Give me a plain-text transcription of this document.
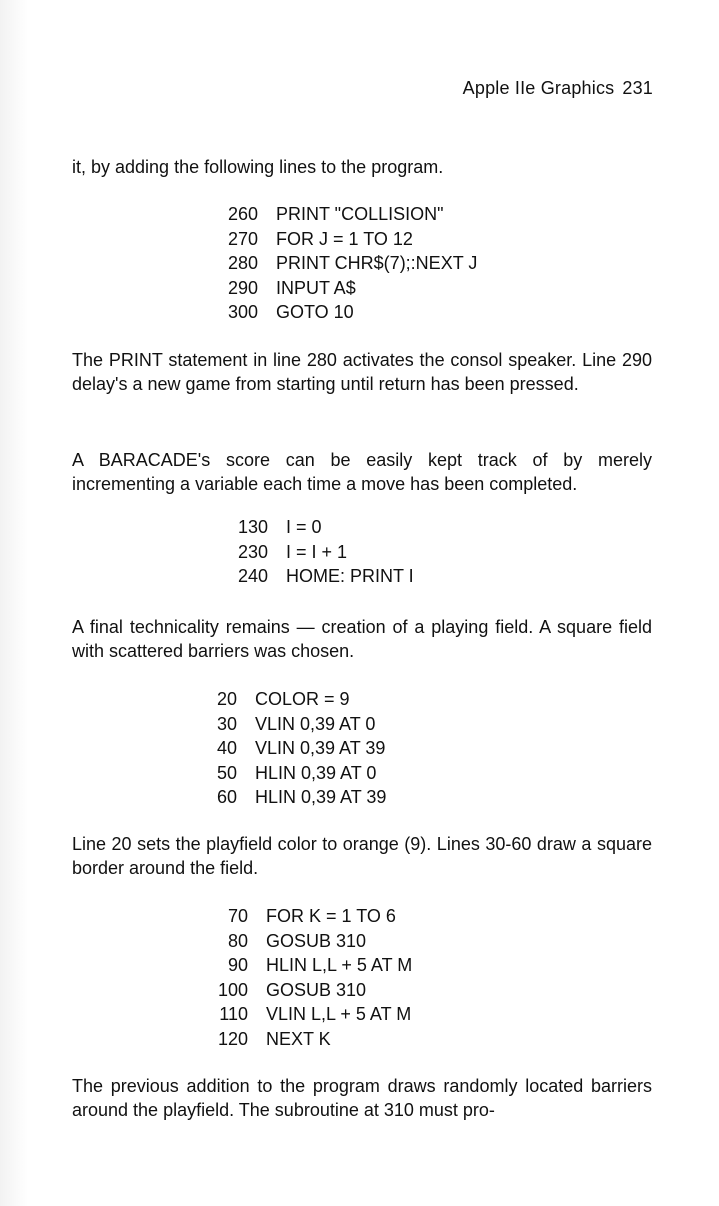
Apple IIe Graphics 231

it, by adding the following lines to the program.

260 PRINT "COLLISION"
270 FOR J = 1 TO 12
280 PRINT CHR$(7);:NEXT J
290 INPUT A$
300 GOTO 10

The PRINT statement in line 280 activates the consol speaker. Line 290 delay's a new game from starting until return has been pressed.

A BARACADE's score can be easily kept track of by merely incrementing a variable each time a move has been completed.

130 I = 0
230 I = I + 1
240 HOME: PRINT I

A final technicality remains — creation of a playing field. A square field with scattered barriers was chosen.

20 COLOR = 9
30 VLIN 0,39 AT 0
40 VLIN 0,39 AT 39
50 HLIN 0,39 AT 0
60 HLIN 0,39 AT 39

Line 20 sets the playfield color to orange (9). Lines 30-60 draw a square border around the field.

70 FOR K = 1 TO 6
80 GOSUB 310
90 HLIN L,L + 5 AT M
100 GOSUB 310
110 VLIN L,L + 5 AT M
120 NEXT K

The previous addition to the program draws randomly located barriers around the playfield. The subroutine at 310 must pro-
